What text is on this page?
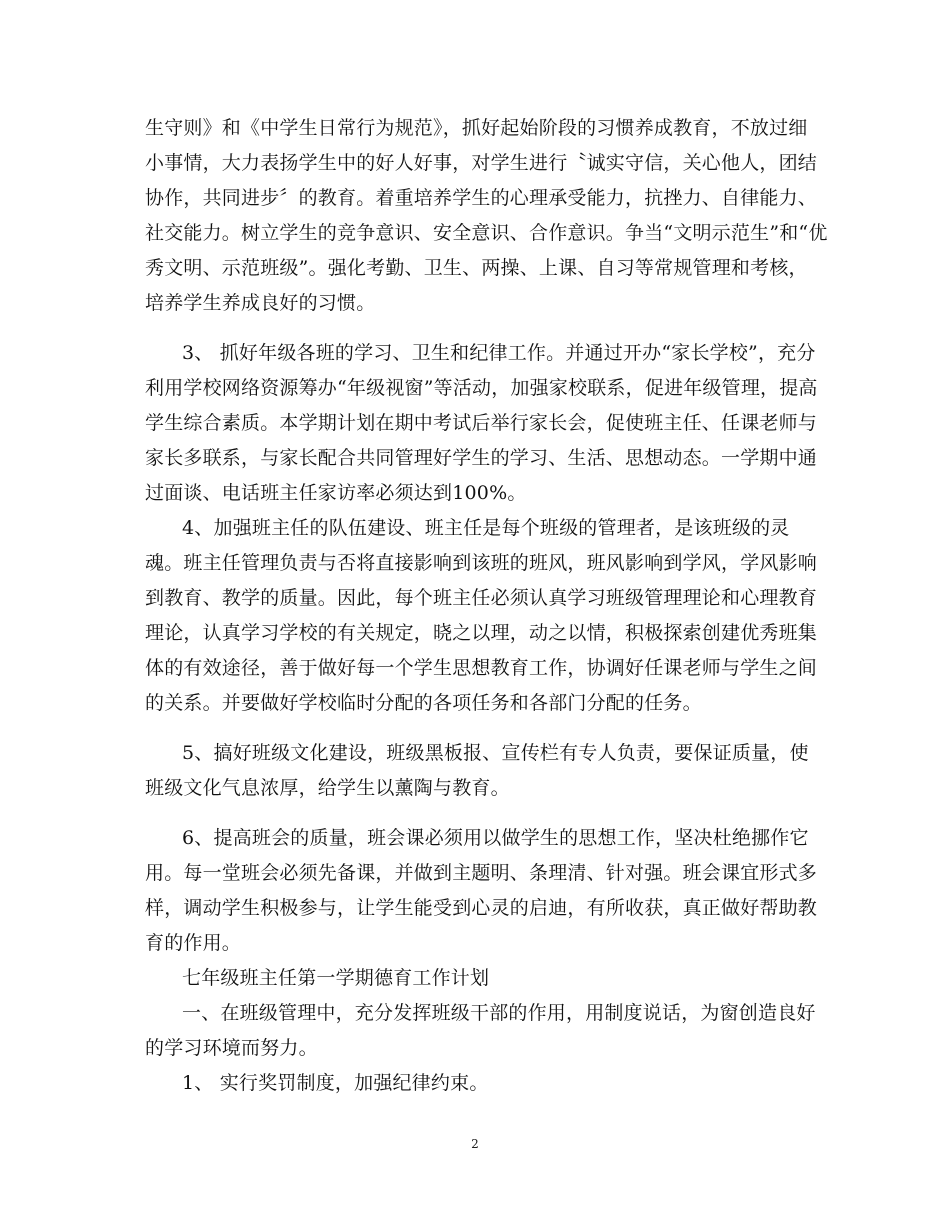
生守则》和《中学生日常行为规范》，抓好起始阶段的习惯养成教育，不放过细
小事情，大力表扬学生中的好人好事，对学生进行〝诚实守信，关心他人，团结
协作，共同进步〞的教育。着重培养学生的心理承受能力，抗挫力、自律能力、
社交能力。树立学生的竞争意识、安全意识、合作意识。争当“文明示范生”和“优
秀文明、示范班级”。强化考勤、卫生、两操、上课、自习等常规管理和考核，
培养学生养成良好的习惯。
3、 抓好年级各班的学习、卫生和纪律工作。并通过开办“家长学校”，充分
利用学校网络资源筹办“年级视窗”等活动，加强家校联系，促进年级管理，提高
学生综合素质。本学期计划在期中考试后举行家长会，促使班主任、任课老师与
家长多联系，与家长配合共同管理好学生的学习、生活、思想动态。一学期中通
过面谈、电话班主任家访率必须达到100%。
4、加强班主任的队伍建设、班主任是每个班级的管理者，是该班级的灵
魂。班主任管理负责与否将直接影响到该班的班风，班风影响到学风，学风影响
到教育、教学的质量。因此，每个班主任必须认真学习班级管理理论和心理教育
理论，认真学习学校的有关规定，晓之以理，动之以情，积极探索创建优秀班集
体的有效途径，善于做好每一个学生思想教育工作，协调好任课老师与学生之间
的关系。并要做好学校临时分配的各项任务和各部门分配的任务。
5、搞好班级文化建设，班级黑板报、宣传栏有专人负责，要保证质量，使
班级文化气息浓厚，给学生以薰陶与教育。
6、提高班会的质量，班会课必须用以做学生的思想工作，坚决杜绝挪作它
用。每一堂班会必须先备课，并做到主题明、条理清、针对强。班会课宜形式多
样，调动学生积极参与，让学生能受到心灵的启迪，有所收获，真正做好帮助教
育的作用。
七年级班主任第一学期德育工作计划
一、在班级管理中，充分发挥班级干部的作用，用制度说话，为窗创造良好
的学习环境而努力。
1、 实行奖罚制度，加强纪律约束。
2
